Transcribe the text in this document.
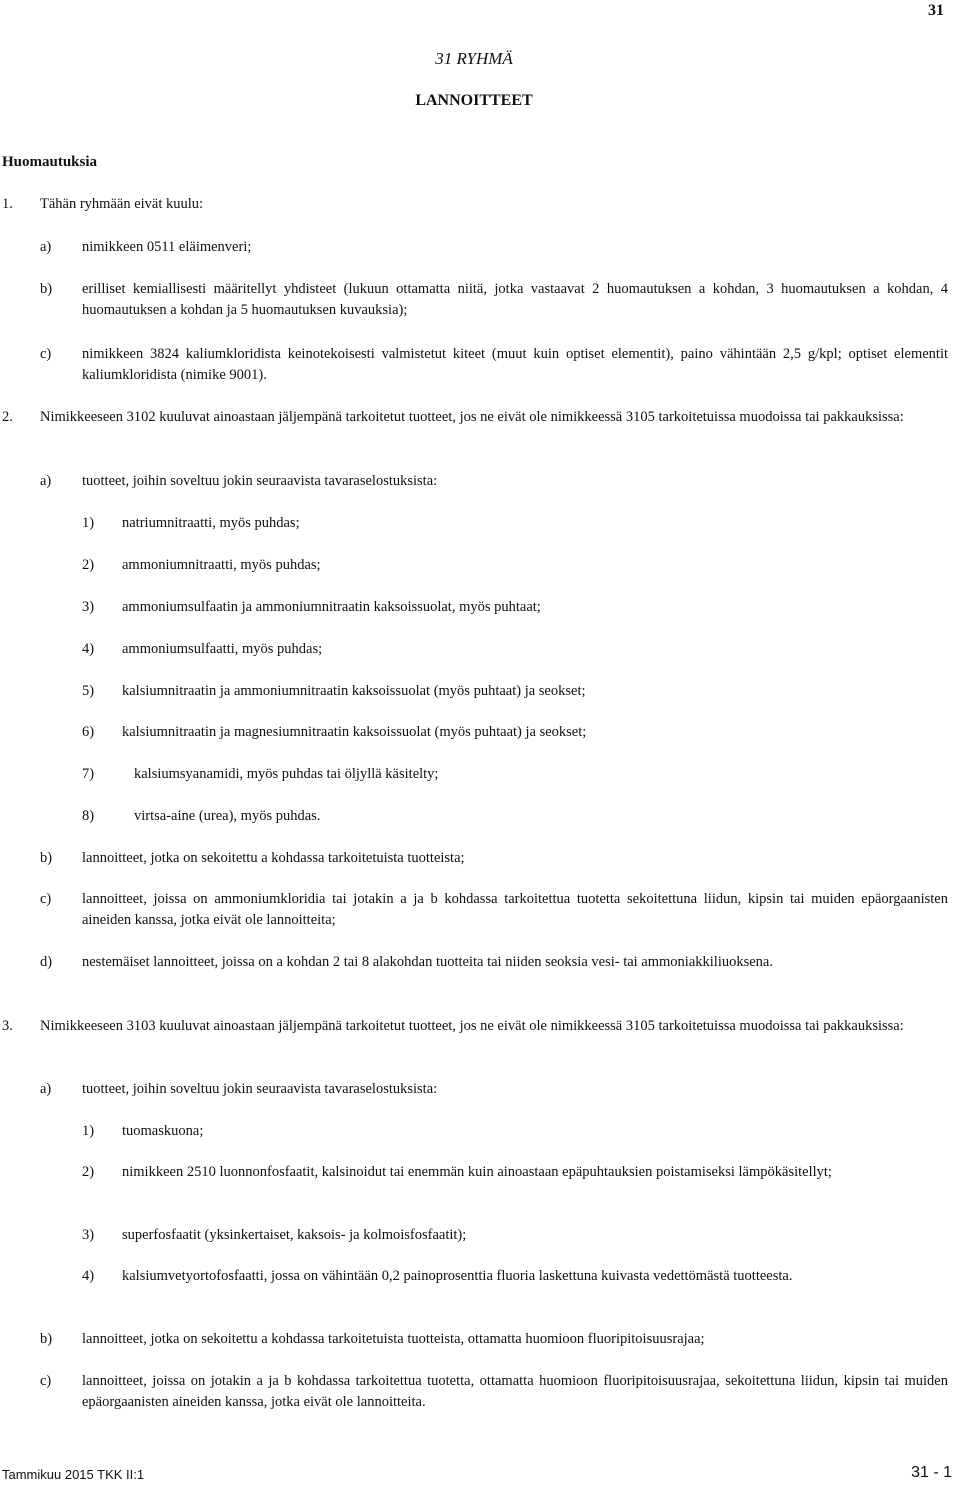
31
31 RYHMÄ
LANNOITTEET
Huomautuksia
1. Tähän ryhmään eivät kuulu:
a) nimikkeen 0511 eläimenveri;
b) erilliset kemiallisesti määritellyt yhdisteet (lukuun ottamatta niitä, jotka vastaavat 2 huomautuksen a kohdan, 3 huomautuksen a kohdan, 4 huomautuksen a kohdan ja 5 huomautuksen kuvauksia);
c) nimikkeen 3824 kaliumkloridista keinotekoisesti valmistetut kiteet (muut kuin optiset elementit), paino vähintään 2,5 g/kpl; optiset elementit kaliumkloridista (nimike 9001).
2. Nimikkeeseen 3102 kuuluvat ainoastaan jäljempänä tarkoitetut tuotteet, jos ne eivät ole nimikkeessä 3105 tarkoitetuissa muodoissa tai pakkauksissa:
a) tuotteet, joihin soveltuu jokin seuraavista tavaraselostuksista:
1) natriumnitraatti, myös puhdas;
2) ammoniumnitraatti, myös puhdas;
3) ammoniumsulfaatin ja ammoniumnitraatin kaksoissuolat, myös puhtaat;
4) ammoniumsulfaatti, myös puhdas;
5) kalsiumnitraatin ja ammoniumnitraatin kaksoissuolat (myös puhtaat) ja seokset;
6) kalsiumnitraatin ja magnesiumnitraatin kaksoissuolat (myös puhtaat) ja seokset;
7)	kalsiumsyanamidi, myös puhdas tai öljyllä käsitelty;
8)	virtsa-aine (urea), myös puhdas.
b) lannoitteet, jotka on sekoitettu a kohdassa tarkoitetuista tuotteista;
c) lannoitteet, joissa on ammoniumkloridia tai jotakin a ja b kohdassa tarkoitettua tuotetta sekoitettuna liidun, kipsin tai muiden epäorgaanisten aineiden kanssa, jotka eivät ole lannoitteita;
d) nestemäiset lannoitteet, joissa on a kohdan 2 tai 8 alakohdan tuotteita tai niiden seoksia vesi- tai ammoniakkiliuoksena.
3. Nimikkeeseen 3103 kuuluvat ainoastaan jäljempänä tarkoitetut tuotteet, jos ne eivät ole nimikkeessä 3105 tarkoitetuissa muodoissa tai pakkauksissa:
a) tuotteet, joihin soveltuu jokin seuraavista tavaraselostuksista:
1) tuomaskuona;
2) nimikkeen 2510 luonnonfosfaatit, kalsinoidut tai enemmän kuin ainoastaan epäpuhtauksien poistamiseksi lämpökäsitellyt;
3) superfosfaatit (yksinkertaiset, kaksois- ja kolmoisfosfaatit);
4) kalsiumvetyortofosfaatti, jossa on vähintään 0,2 painoprosenttia fluoria laskettuna kuivasta vedettömästä tuotteesta.
b) lannoitteet, jotka on sekoitettu a kohdassa tarkoitetuista tuotteista, ottamatta huomioon fluoripitoisuusrajaa;
c) lannoitteet, joissa on jotakin a ja b kohdassa tarkoitettua tuotetta, ottamatta huomioon fluoripitoisuusrajaa, sekoitettuna liidun, kipsin tai muiden epäorgaanisten aineiden kanssa, jotka eivät ole lannoitteita.
Tammikuu 2015 TKK II:1	31 - 1
